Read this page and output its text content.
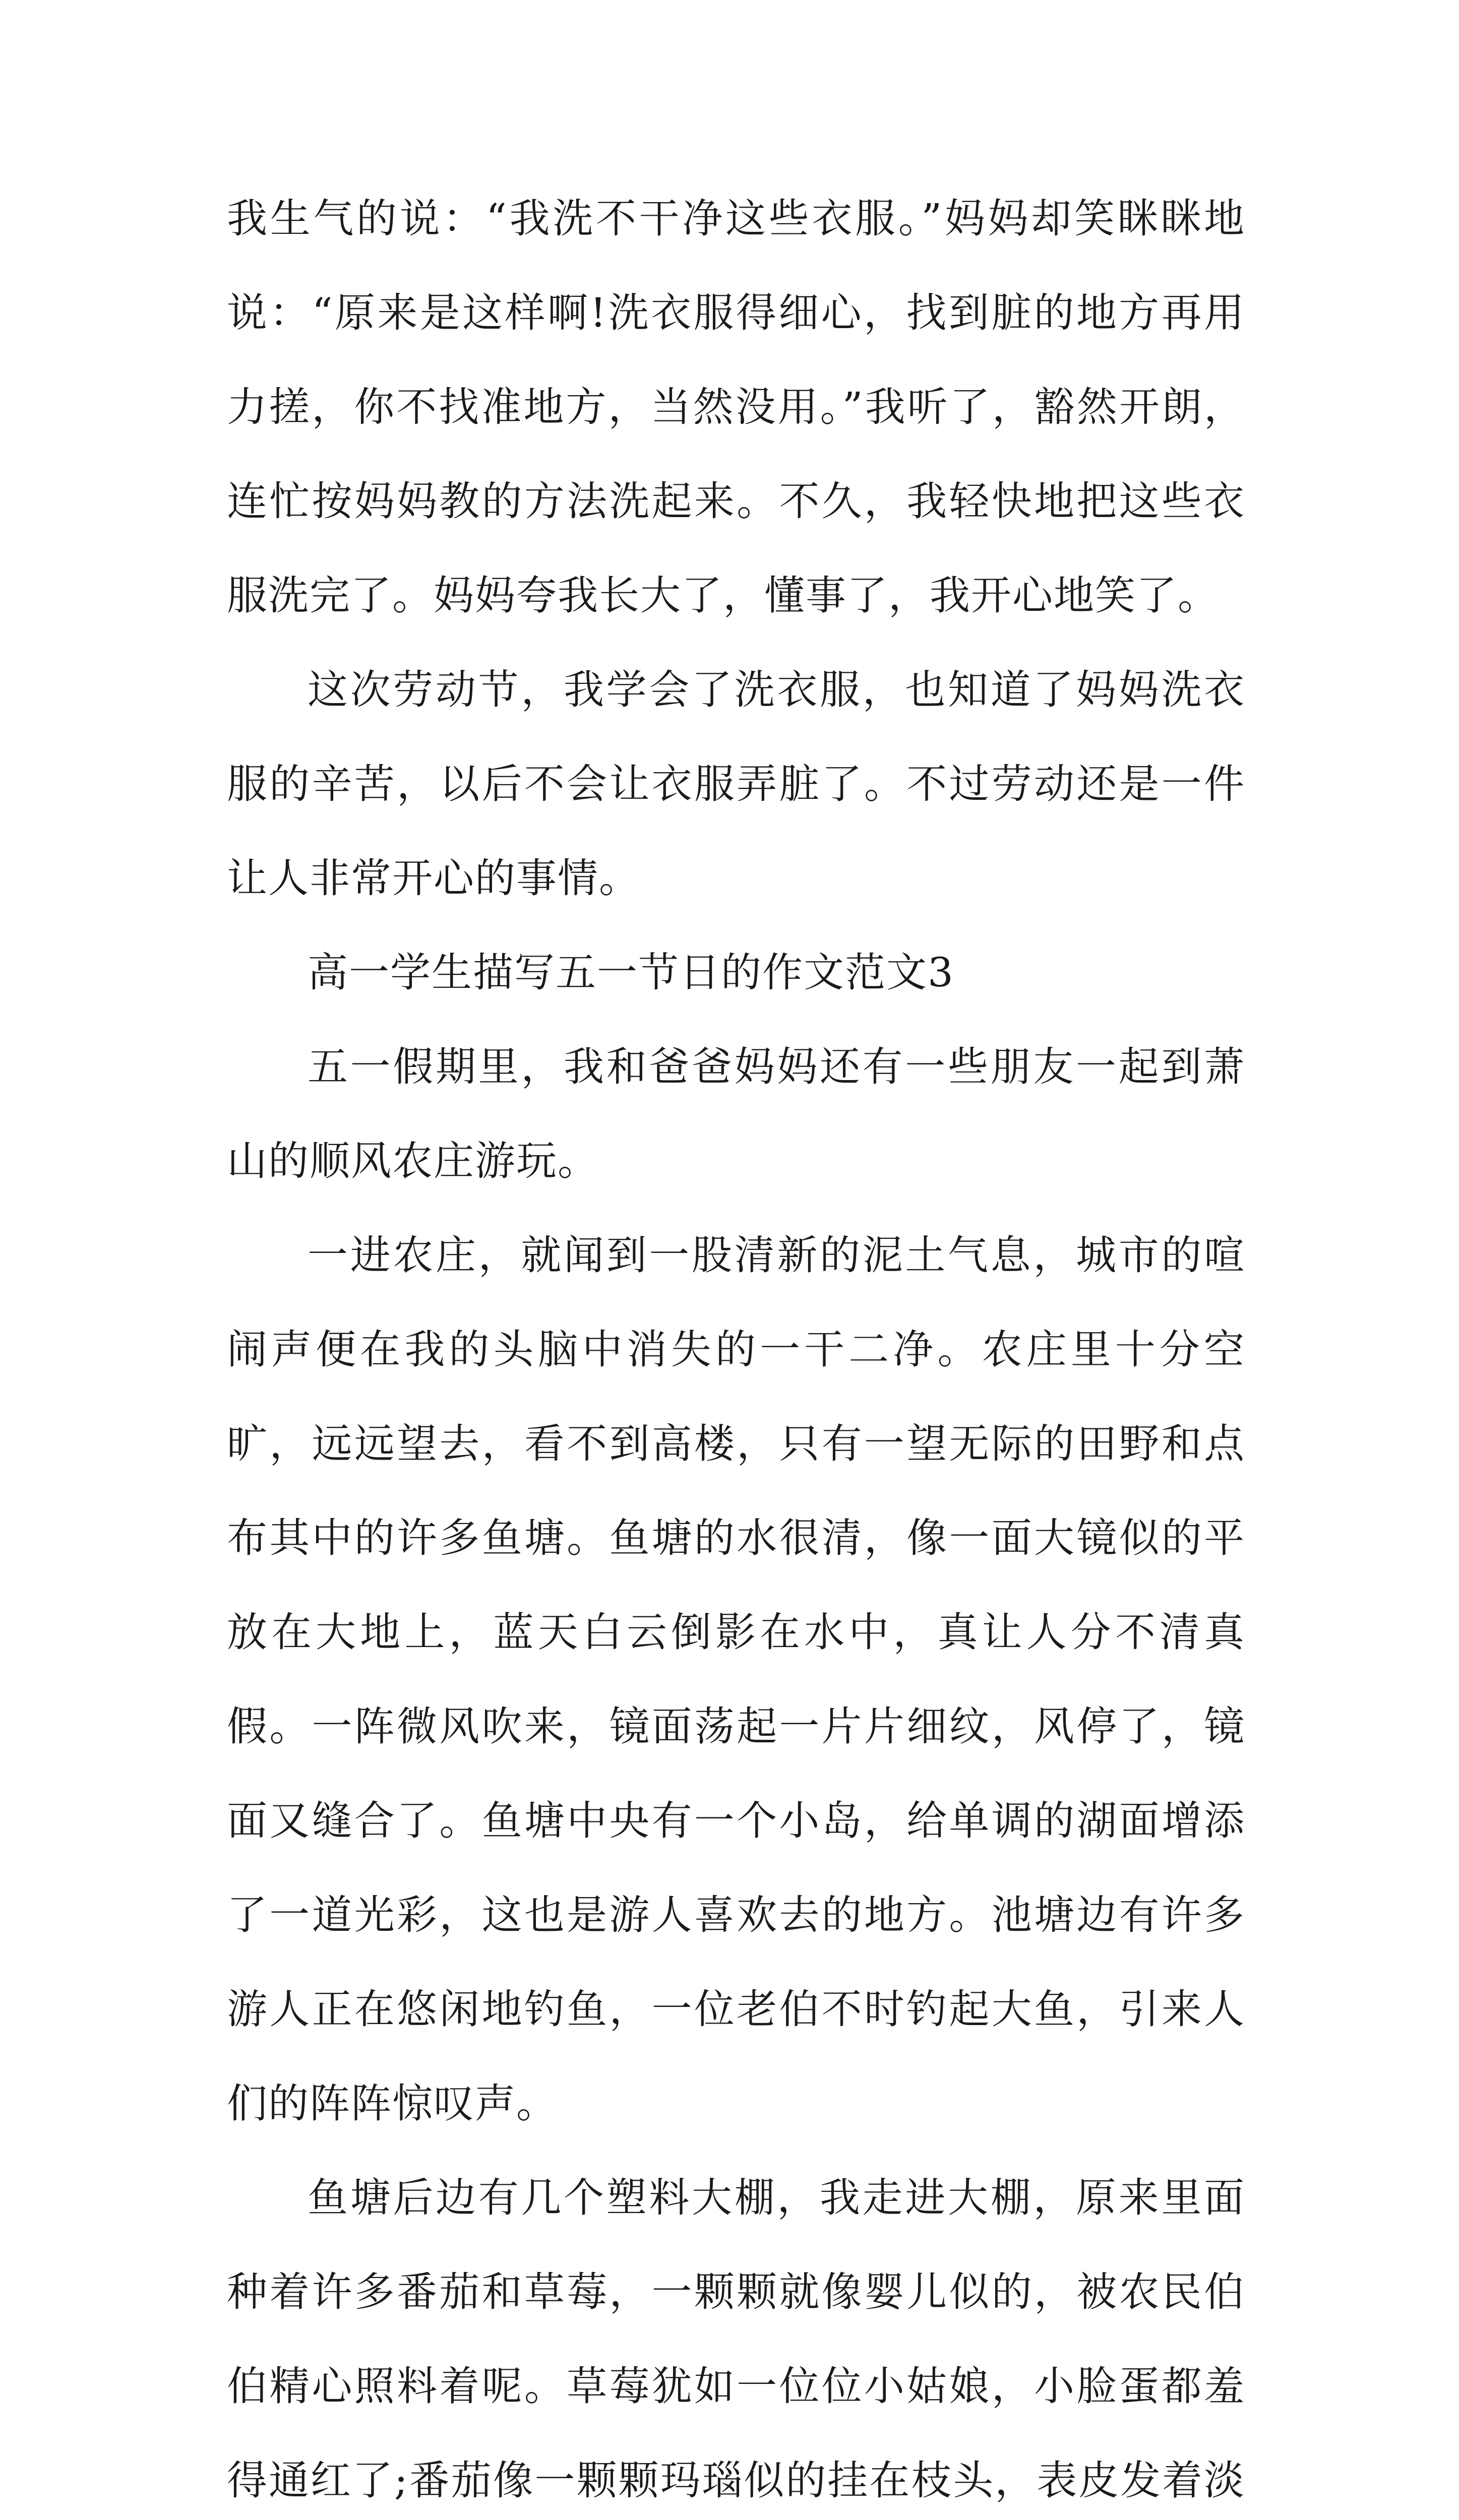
我生气的说：“我洗不干净这些衣服。”妈妈却笑眯眯地说：“原来是这样啊!洗衣服得细心，找到脏的地方再用力搓，你不找准地方，当然没用。”我听了，豁然开朗，连忙按妈妈教的方法洗起来。不久，我轻快地把这些衣服洗完了。妈妈夸我长大了，懂事了，我开心地笑了。

这次劳动节，我学会了洗衣服，也知道了妈妈洗衣服的辛苦，以后不会让衣服弄脏了。不过劳动还是一件让人非常开心的事情。

高一学生描写五一节日的作文范文3

五一假期里，我和爸爸妈妈还有一些朋友一起到萧山的顺风农庄游玩。

一进农庄，就闻到一股清新的泥土气息，城市的喧闹声便在我的头脑中消失的一干二净。农庄里十分空旷，远远望去，看不到高楼，只有一望无际的田野和点布其中的许多鱼塘。鱼塘的水很清，像一面大镜似的平放在大地上，蓝天白云倒影在水中，真让人分不清真假。一阵微风吹来，镜面荡起一片片细纹，风停了，镜面又缝合了。鱼塘中央有一个小岛，给单调的湖面增添了一道光彩，这也是游人喜欢去的地方。池塘边有许多游人正在悠闲地钓鱼，一位老伯不时钓起大鱼，引来人们的阵阵惊叹声。

鱼塘后边有几个塑料大棚，我走进大棚，原来里面种着许多番茄和草莓，一颗颗就像婴儿似的，被农民伯伯精心照料着呢。草莓犹如一位位小姑娘，小脸蛋都羞得通红了;番茄像一颗颗玛瑙似的挂在枝头，表皮发着淡
